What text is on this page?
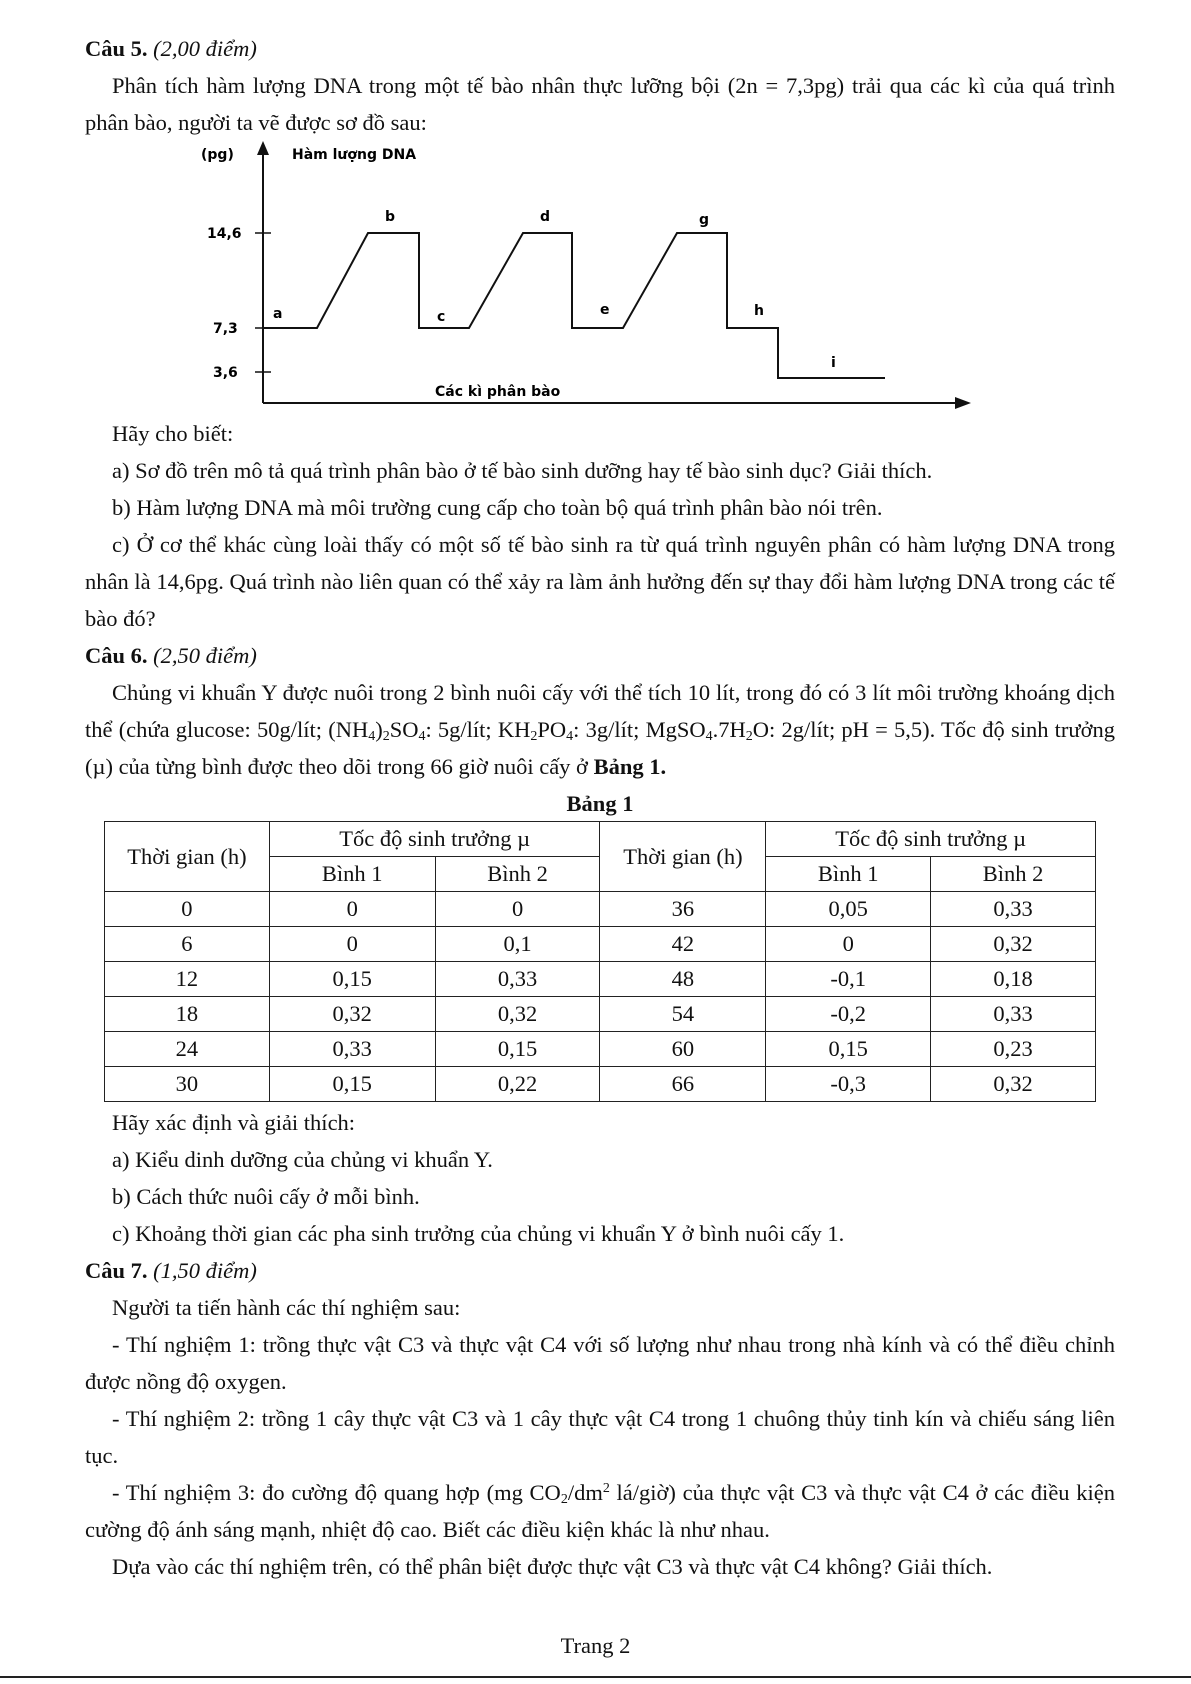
Câu 5. (2,00 điểm)

Phân tích hàm lượng DNA trong một tế bào nhân thực lưỡng bội (2n = 7,3pg) trải qua các kì của quá trình phân bào, người ta vẽ được sơ đồ sau:

(pg)	Hàm lượng DNA
Các kì phân bào
14,6
7,3
3,6
a
b
c
d
e
g
h
i

Hãy cho biết:

a) Sơ đồ trên mô tả quá trình phân bào ở tế bào sinh dưỡng hay tế bào sinh dục? Giải thích.

b) Hàm lượng DNA mà môi trường cung cấp cho toàn bộ quá trình phân bào nói trên.

c) Ở cơ thể khác cùng loài thấy có một số tế bào sinh ra từ quá trình nguyên phân có hàm lượng DNA trong nhân là 14,6pg. Quá trình nào liên quan có thể xảy ra làm ảnh hưởng đến sự thay đổi hàm lượng DNA trong các tế bào đó?

Câu 6. (2,50 điểm)

Chủng vi khuẩn Y được nuôi trong 2 bình nuôi cấy với thể tích 10 lít, trong đó có 3 lít môi trường khoáng dịch thể (chứa glucose: 50g/lít; $(NH_4)_2SO_4$: 5g/lít; $KH_2PO_4$: 3g/lít; $MgSO_4.7H_2O$: 2g/lít; pH = 5,5). Tốc độ sinh trưởng (µ) của từng bình được theo dõi trong 66 giờ nuôi cấy ở Bảng 1.

Bảng 1

Thời gian (h)	Tốc độ sinh trưởng µ		Thời gian (h)	Tốc độ sinh trưởng µ	
	Bình 1	Bình 2		Bình 1	Bình 2
0	0	0	36	0,05	0,33
6	0	0,1	42	0	0,32
12	0,15	0,33	48	-0,1	0,18
18	0,32	0,32	54	-0,2	0,33
24	0,33	0,15	60	0,15	0,23
30	0,15	0,22	66	-0,3	0,32

Hãy xác định và giải thích:

a) Kiểu dinh dưỡng của chủng vi khuẩn Y.

b) Cách thức nuôi cấy ở mỗi bình.

c) Khoảng thời gian các pha sinh trưởng của chủng vi khuẩn Y ở bình nuôi cấy 1.

Câu 7. (1,50 điểm)

Người ta tiến hành các thí nghiệm sau:

- Thí nghiệm 1: trồng thực vật C3 và thực vật C4 với số lượng như nhau trong nhà kính và có thể điều chỉnh được nồng độ oxygen.

- Thí nghiệm 2: trồng 1 cây thực vật C3 và 1 cây thực vật C4 trong 1 chuông thủy tinh kín và chiếu sáng liên tục.

- Thí nghiệm 3: đo cường độ quang hợp (mg $CO_2/dm^2$ lá/giờ) của thực vật C3 và thực vật C4 ở các điều kiện cường độ ánh sáng mạnh, nhiệt độ cao. Biết các điều kiện khác là như nhau.

Dựa vào các thí nghiệm trên, có thể phân biệt được thực vật C3 và thực vật C4 không? Giải thích.

Trang 2
